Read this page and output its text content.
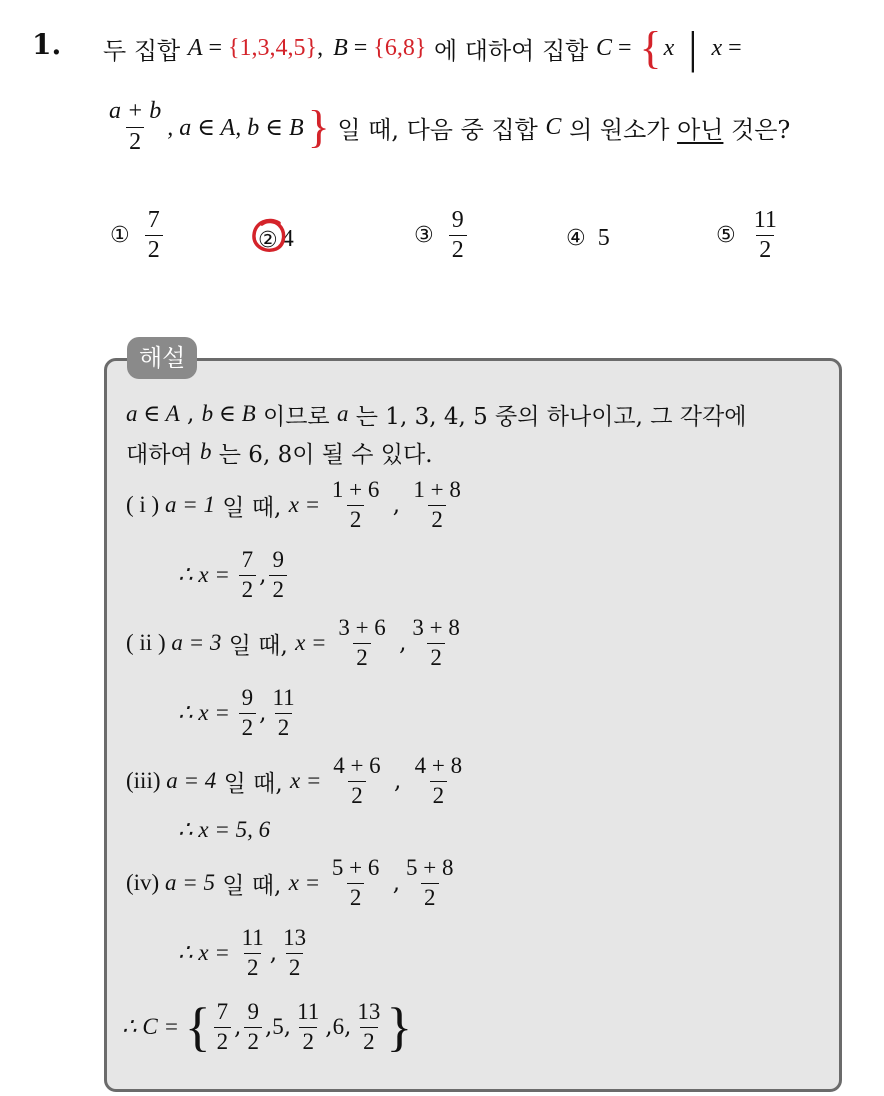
1. 두 집합 A = {1,3,4,5} , B = {6,8} 에 대하여 집합 C = { x | x =
$\frac{a + b}{2}$ , a ∈ A, b ∈ B } 일 때, 다음 중 집합 C 의 원소가 아닌 것은?
① $\frac{7}{2}$	② 4	③ $\frac{9}{2}$	④ 5	⑤ $\frac{11}{2}$
해설
a ∈ A , b ∈ B 이므로 a 는 1, 3, 4, 5 중의 하나이고, 그 각각에
대하여 b 는 6, 8이 될 수 있다.
( i ) a = 1 일 때, $x = \frac{1 + 6}{2}$ , $\frac{1 + 8}{2}$
∴ $x = \frac{7}{2}$ , $\frac{9}{2}$
( ii ) a = 3 일 때, $x = \frac{3 + 6}{2}$ , $\frac{3 + 8}{2}$
∴ $x = \frac{9}{2}$ , $\frac{11}{2}$
(iii) a = 4 일 때, $x = \frac{4 + 6}{2}$ , $\frac{4 + 8}{2}$
∴ x = 5, 6
(iv) a = 5 일 때, $x = \frac{5 + 6}{2}$ , $\frac{5 + 8}{2}$
∴ $x = \frac{11}{2}$ , $\frac{13}{2}$
∴ C = { $\frac{7}{2}$ , $\frac{9}{2}$ , 5 , $\frac{11}{2}$ , 6 , $\frac{13}{2}$ }
